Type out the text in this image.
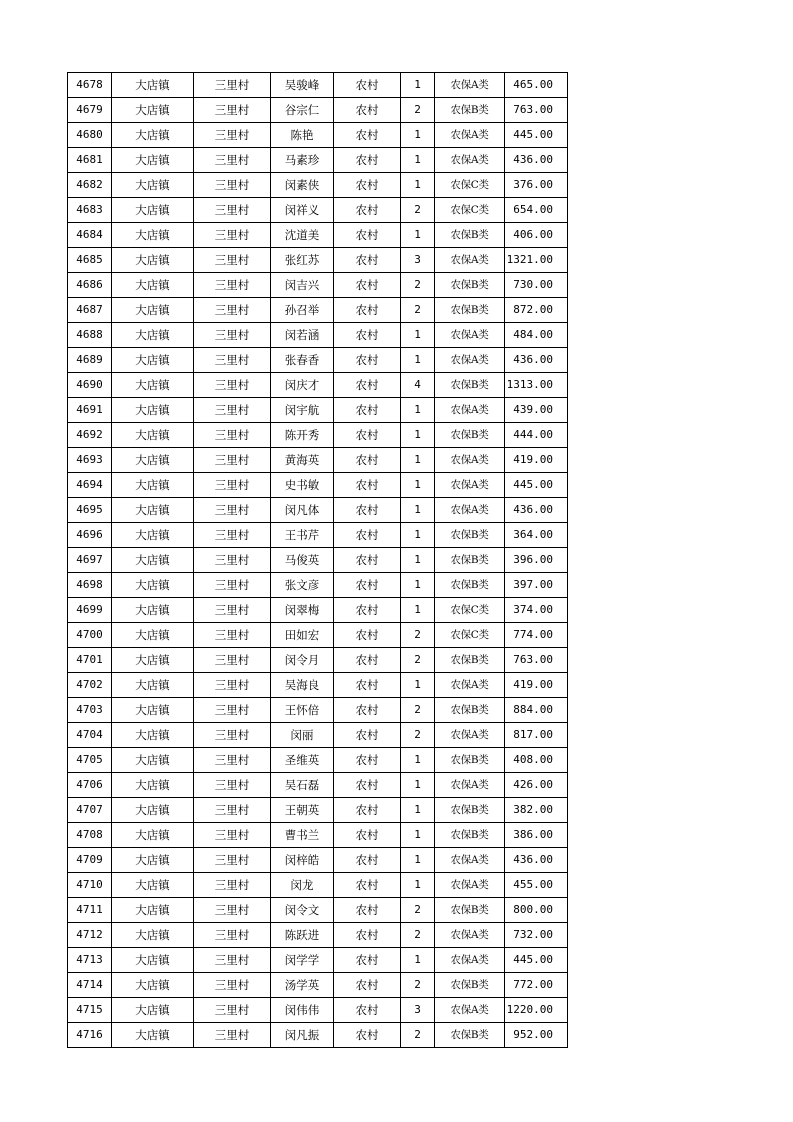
4678	大店镇	三里村	吴骏峰	农村	1	农保A类	465.00
4679	大店镇	三里村	谷宗仁	农村	2	农保B类	763.00
4680	大店镇	三里村	陈艳	农村	1	农保A类	445.00
4681	大店镇	三里村	马素珍	农村	1	农保A类	436.00
4682	大店镇	三里村	闵素侠	农村	1	农保C类	376.00
4683	大店镇	三里村	闵祥义	农村	2	农保C类	654.00
4684	大店镇	三里村	沈道美	农村	1	农保B类	406.00
4685	大店镇	三里村	张红苏	农村	3	农保A类	1321.00
4686	大店镇	三里村	闵吉兴	农村	2	农保B类	730.00
4687	大店镇	三里村	孙召举	农村	2	农保B类	872.00
4688	大店镇	三里村	闵若涵	农村	1	农保A类	484.00
4689	大店镇	三里村	张春香	农村	1	农保A类	436.00
4690	大店镇	三里村	闵庆才	农村	4	农保B类	1313.00
4691	大店镇	三里村	闵宇航	农村	1	农保A类	439.00
4692	大店镇	三里村	陈开秀	农村	1	农保B类	444.00
4693	大店镇	三里村	黄海英	农村	1	农保A类	419.00
4694	大店镇	三里村	史书敏	农村	1	农保A类	445.00
4695	大店镇	三里村	闵凡体	农村	1	农保A类	436.00
4696	大店镇	三里村	王书芹	农村	1	农保B类	364.00
4697	大店镇	三里村	马俊英	农村	1	农保B类	396.00
4698	大店镇	三里村	张文彦	农村	1	农保B类	397.00
4699	大店镇	三里村	闵翠梅	农村	1	农保C类	374.00
4700	大店镇	三里村	田如宏	农村	2	农保C类	774.00
4701	大店镇	三里村	闵令月	农村	2	农保B类	763.00
4702	大店镇	三里村	吴海良	农村	1	农保A类	419.00
4703	大店镇	三里村	王怀倍	农村	2	农保B类	884.00
4704	大店镇	三里村	闵丽	农村	2	农保A类	817.00
4705	大店镇	三里村	圣维英	农村	1	农保B类	408.00
4706	大店镇	三里村	吴石磊	农村	1	农保A类	426.00
4707	大店镇	三里村	王朝英	农村	1	农保B类	382.00
4708	大店镇	三里村	曹书兰	农村	1	农保B类	386.00
4709	大店镇	三里村	闵梓皓	农村	1	农保A类	436.00
4710	大店镇	三里村	闵龙	农村	1	农保A类	455.00
4711	大店镇	三里村	闵令文	农村	2	农保B类	800.00
4712	大店镇	三里村	陈跃进	农村	2	农保A类	732.00
4713	大店镇	三里村	闵学学	农村	1	农保A类	445.00
4714	大店镇	三里村	汤学英	农村	2	农保B类	772.00
4715	大店镇	三里村	闵伟伟	农村	3	农保A类	1220.00
4716	大店镇	三里村	闵凡振	农村	2	农保B类	952.00
